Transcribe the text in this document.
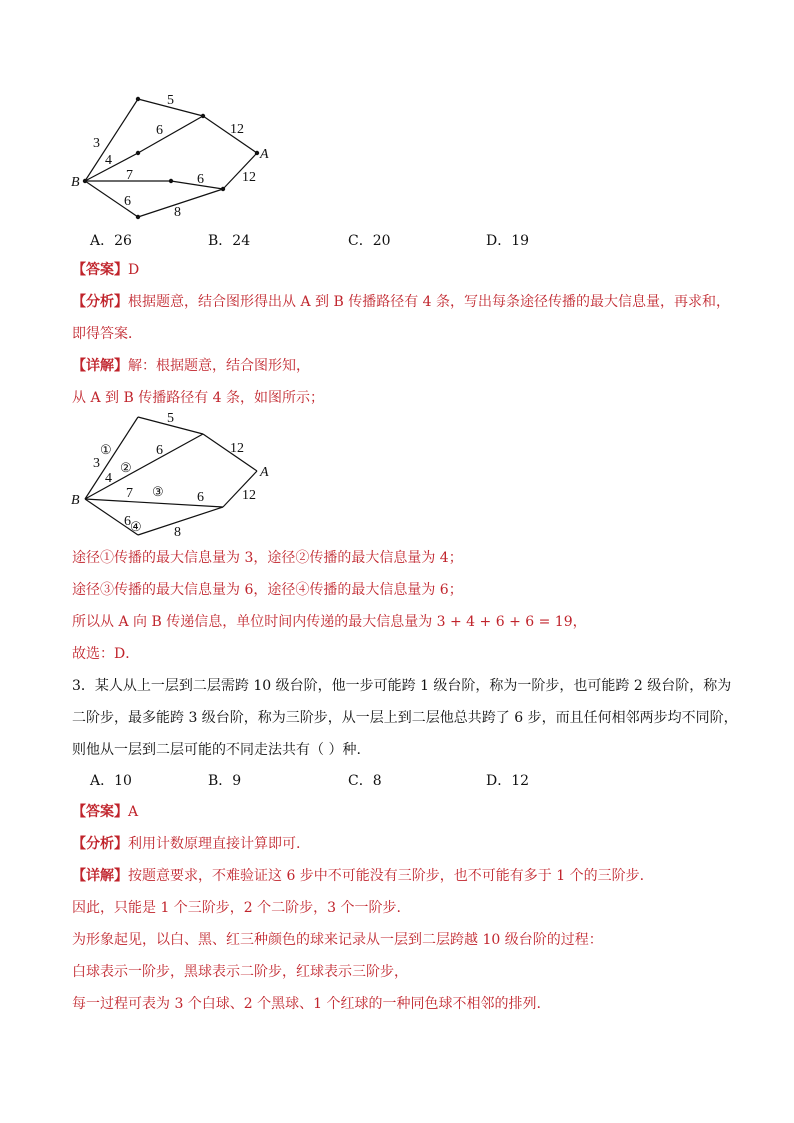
5
6	12
3
4
7	6	12
6
8
A
B
A．26	B．24	C．20	D．19
【答案】D
【分析】根据题意，结合图形得出从 A 到 B 传播路径有 4 条，写出每条途径传播的最大信息量，再求和，
即得答案．
【详解】解：根据题意，结合图形知，
从 A 到 B 传播路径有 4 条，如图所示；
5
6	12
3
4
7	6	12
6
8
①
②
③
④
A
B
途径①传播的最大信息量为 3，途径②传播的最大信息量为 4；
途径③传播的最大信息量为 6，途径④传播的最大信息量为 6；
所以从 A 向 B 传递信息，单位时间内传递的最大信息量为 3 + 4 + 6 + 6 = 19，
故选：D．
3．某人从上一层到二层需跨 10 级台阶，他一步可能跨 1 级台阶，称为一阶步，也可能跨 2 级台阶，称为
二阶步，最多能跨 3 级台阶，称为三阶步，从一层上到二层他总共跨了 6 步，而且任何相邻两步均不同阶，
则他从一层到二层可能的不同走法共有（ ）种.
A．10	B．9	C．8	D．12
【答案】A
【分析】利用计数原理直接计算即可.
【详解】按题意要求，不难验证这 6 步中不可能没有三阶步，也不可能有多于 1 个的三阶步.
因此，只能是 1 个三阶步，2 个二阶步，3 个一阶步.
为形象起见，以白、黑、红三种颜色的球来记录从一层到二层跨越 10 级台阶的过程：
白球表示一阶步，黑球表示二阶步，红球表示三阶步，
每一过程可表为 3 个白球、2 个黑球、1 个红球的一种同色球不相邻的排列.
